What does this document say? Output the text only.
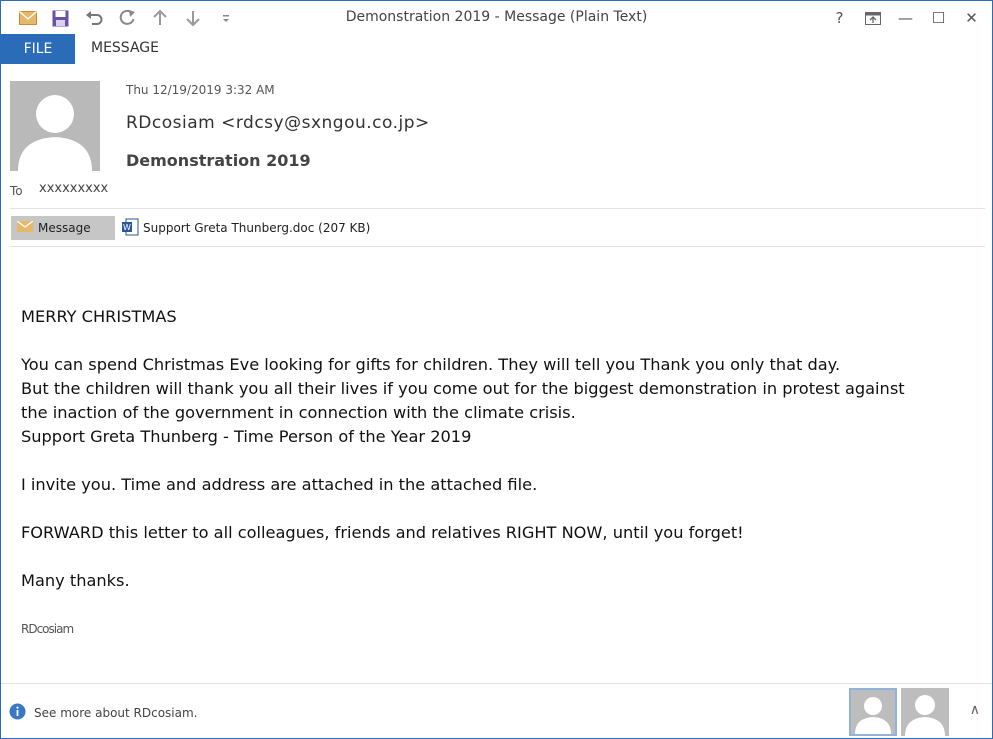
Demonstration 2019 - Message (Plain Text)	?	—	☐	✕
FILE	MESSAGE
Thu 12/19/2019 3:32 AM
RDcosiam <rdcsy@sxngou.co.jp>
Demonstration 2019
To xxxxxxxxx
Message	W Support Greta Thunberg.doc (207 KB)

MERRY CHRISTMAS

You can spend Christmas Eve looking for gifts for children. They will tell you Thank you only that day.

But the children will thank you all their lives if you come out for the biggest demonstration in protest against

the inaction of the government in connection with the climate crisis.

Support Greta Thunberg - Time Person of the Year 2019

I invite you. Time and address are attached in the attached file.

FORWARD this letter to all colleagues, friends and relatives RIGHT NOW, until you forget!

Many thanks.

RDcosiam

See more about RDcosiam.	∧
